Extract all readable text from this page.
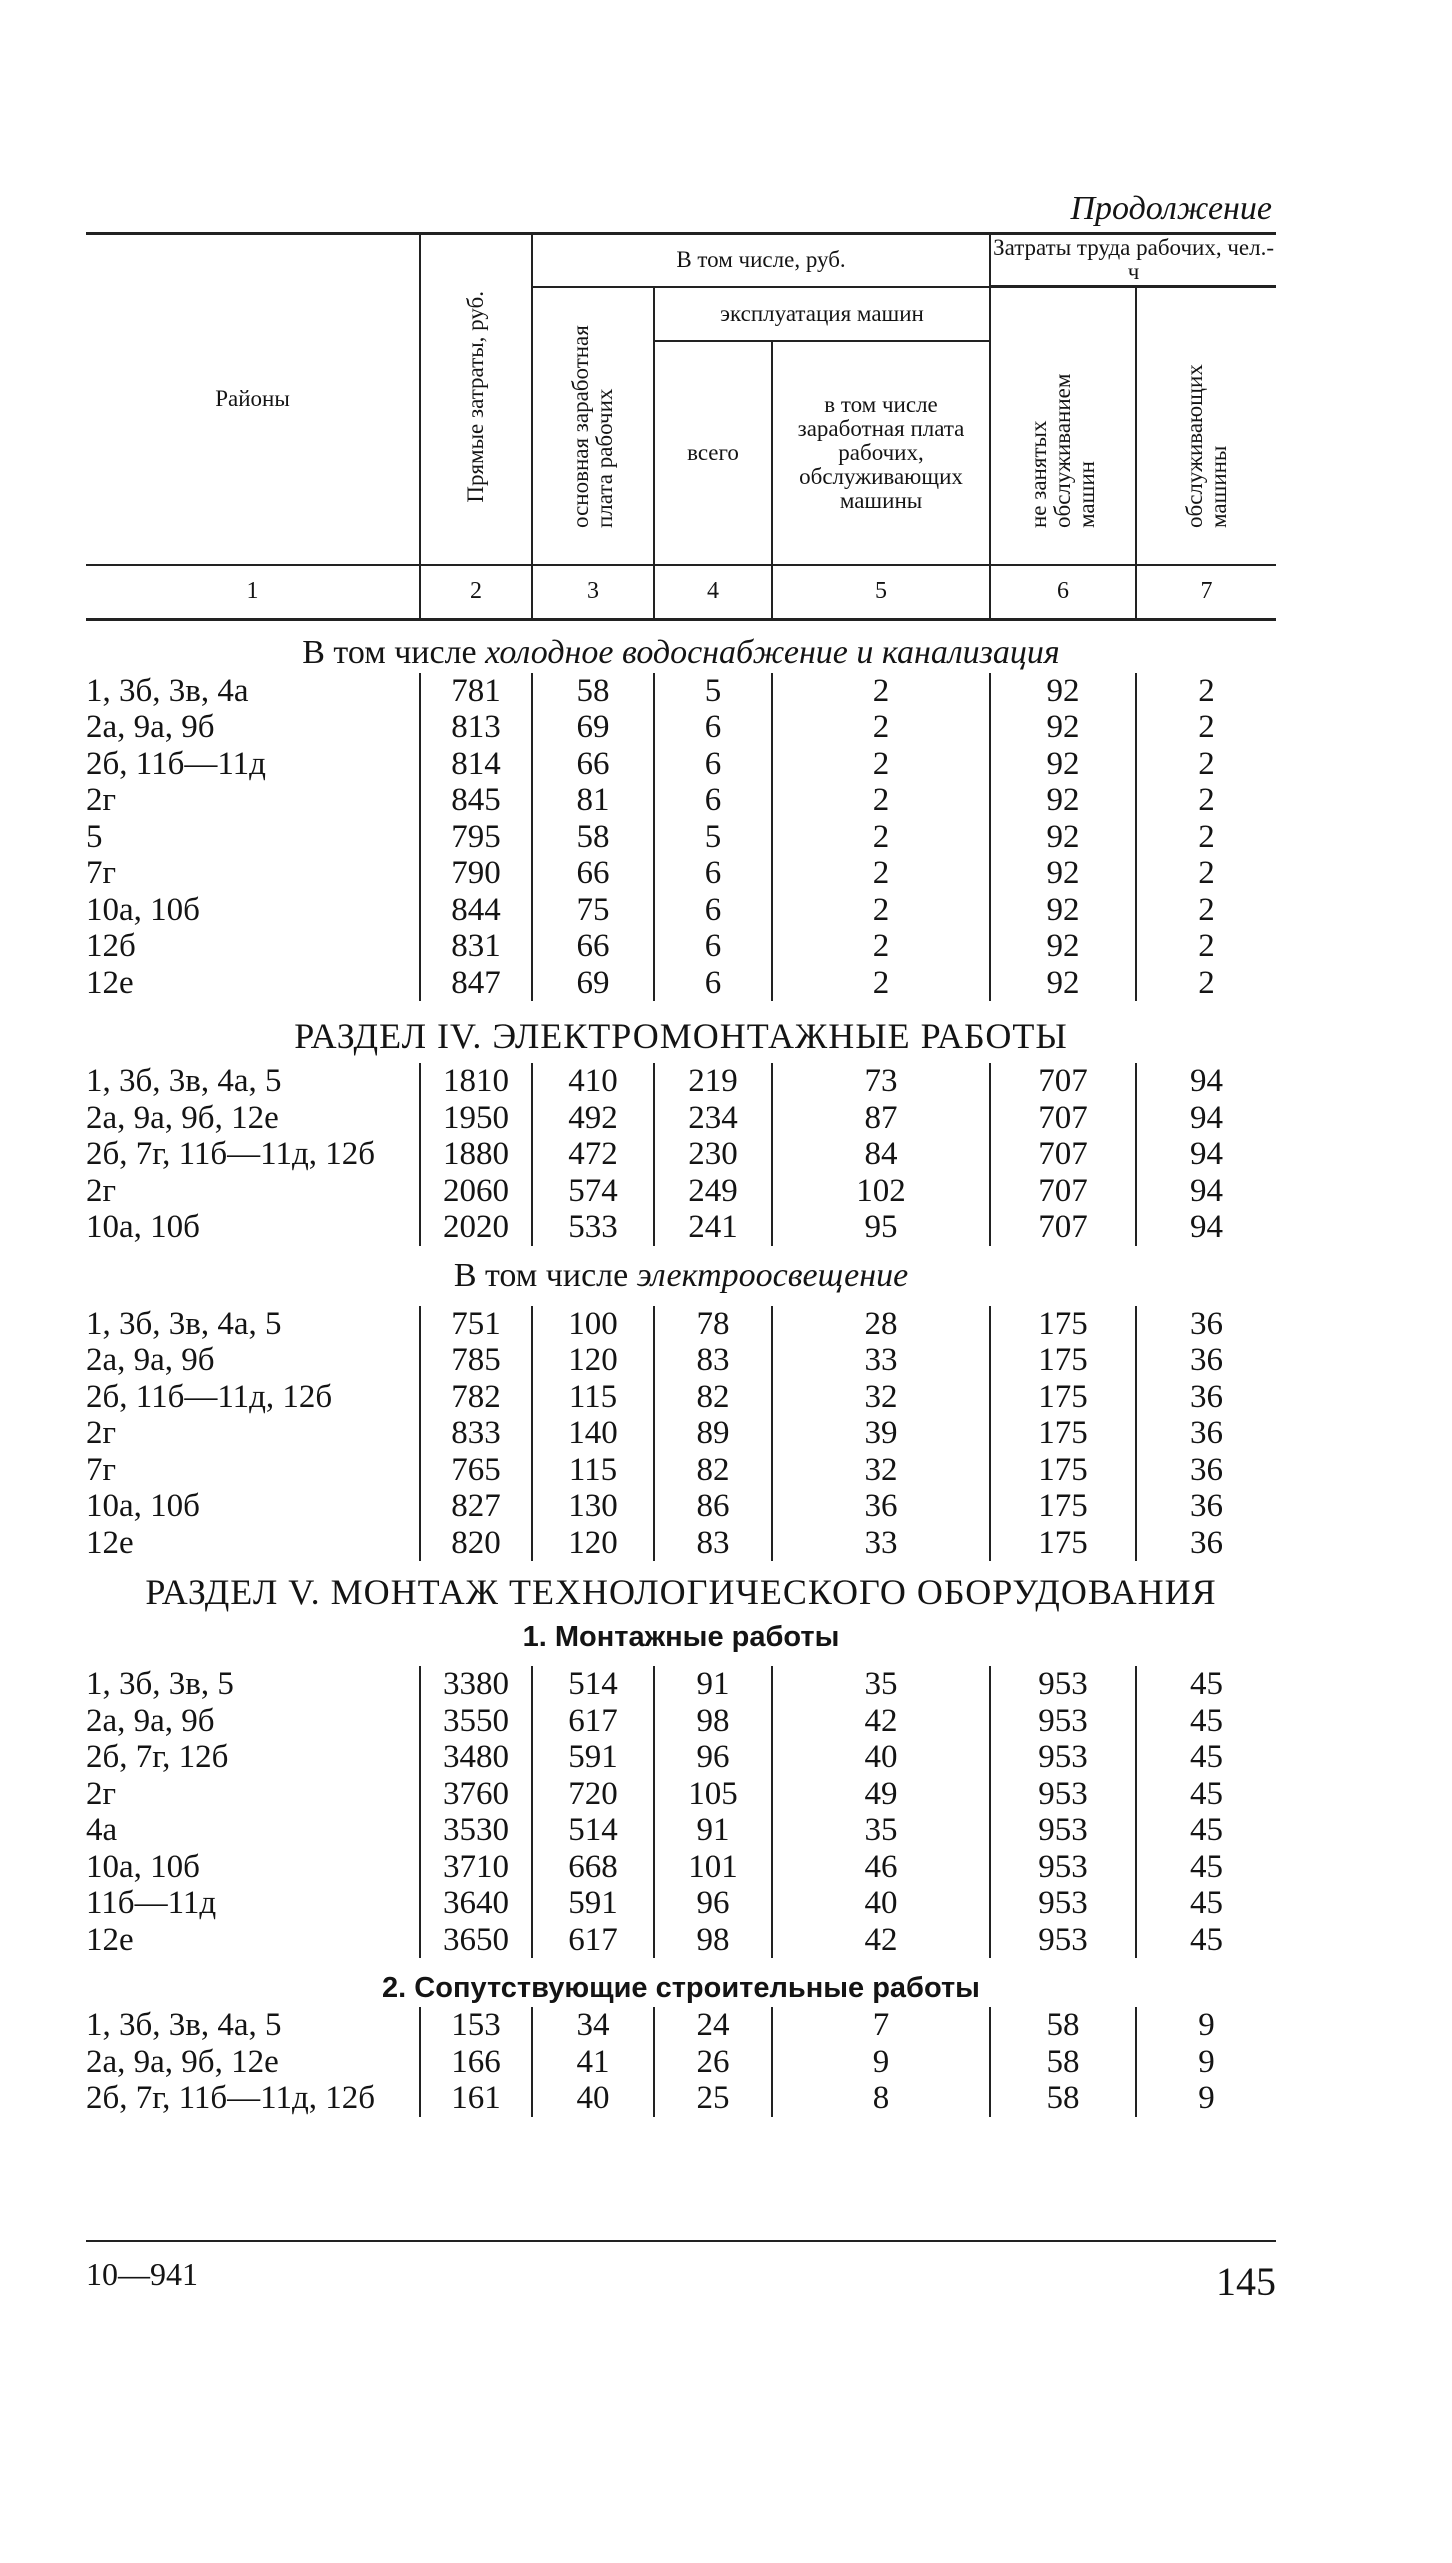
Продолжение
Районы	Прямые затраты, руб.	В том числе, руб.			Затраты труда рабочих, чел.-ч	
		основная заработная плата рабочих	эксплуатация машин		не занятых обслуживанием машин	обслуживающих машины
			всего	в том числе заработная плата рабочих, обслуживающих машины		
1	2	3	4	5	6	7
В том числе холодное водоснабжение и канализация
1, 3б, 3в, 4а	781	58	5	2	92	2
2а, 9а, 9б	813	69	6	2	92	2
2б, 11б—11д	814	66	6	2	92	2
2г	845	81	6	2	92	2
5	795	58	5	2	92	2
7г	790	66	6	2	92	2
10а, 10б	844	75	6	2	92	2
12б	831	66	6	2	92	2
12е	847	69	6	2	92	2
РАЗДЕЛ IV. ЭЛЕКТРОМОНТАЖНЫЕ РАБОТЫ
1, 3б, 3в, 4а, 5	1810	410	219	73	707	94
2а, 9а, 9б, 12е	1950	492	234	87	707	94
2б, 7г, 11б—11д, 12б	1880	472	230	84	707	94
2г	2060	574	249	102	707	94
10а, 10б	2020	533	241	95	707	94
В том числе электроосвещение
1, 3б, 3в, 4а, 5	751	100	78	28	175	36
2а, 9а, 9б	785	120	83	33	175	36
2б, 11б—11д, 12б	782	115	82	32	175	36
2г	833	140	89	39	175	36
7г	765	115	82	32	175	36
10а, 10б	827	130	86	36	175	36
12е	820	120	83	33	175	36
РАЗДЕЛ V. МОНТАЖ ТЕХНОЛОГИЧЕСКОГО ОБОРУДОВАНИЯ
1. Монтажные работы
1, 3б, 3в, 5	3380	514	91	35	953	45
2а, 9а, 9б	3550	617	98	42	953	45
2б, 7г, 12б	3480	591	96	40	953	45
2г	3760	720	105	49	953	45
4а	3530	514	91	35	953	45
10а, 10б	3710	668	101	46	953	45
11б—11д	3640	591	96	40	953	45
12е	3650	617	98	42	953	45
2. Сопутствующие строительные работы
1, 3б, 3в, 4а, 5	153	34	24	7	58	9
2а, 9а, 9б, 12е	166	41	26	9	58	9
2б, 7г, 11б—11д, 12б	161	40	25	8	58	9
10—941	145
